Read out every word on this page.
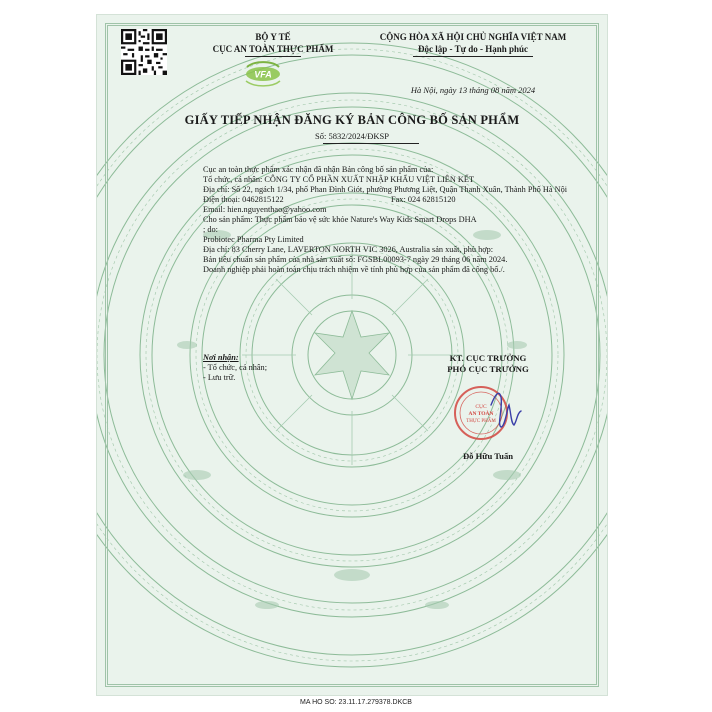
BỘ Y TẾ
CỤC AN TOÀN THỰC PHẨM
VFA
CỘNG HÒA XÃ HỘI CHỦ NGHĨA VIỆT NAM
Độc lập - Tự do - Hạnh phúc
Hà Nội, ngày 13 tháng 08 năm 2024
GIẤY TIẾP NHẬN ĐĂNG KÝ BẢN CÔNG BỐ SẢN PHẨM
Số: 5832/2024/ĐKSP
Cục an toàn thực phẩm xác nhận đã nhận Bản công bố sản phẩm của:
Tổ chức, cá nhân: CÔNG TY CỔ PHẦN XUẤT NHẬP KHẨU VIỆT LIÊN KẾT
Địa chỉ: Số 22, ngách 1/34, phố Phan Đình Giót, phường Phương Liệt, Quận Thanh Xuân, Thành Phố Hà Nội
Điện thoại: 0462815122	Fax: 024 62815120
Email: hien.nguyenthao@yahoo.com
Cho sản phẩm: Thực phẩm bảo vệ sức khỏe Nature's Way Kids Smart Drops DHA
; do:
Probiotec Pharma Pty Limited
Địa chỉ: 83 Cherry Lane, LAVERTON NORTH VIC 3026, Australia sản xuất, phù hợp:
Bản tiêu chuẩn sản phẩm của nhà sản xuất số: FGSBL00093-7 ngày 29 tháng 06 năm 2024.
Doanh nghiệp phải hoàn toàn chịu trách nhiệm về tính phù hợp của sản phẩm đã công bố./.
Nơi nhận:
- Tổ chức, cá nhân;
- Lưu trữ.
KT. CỤC TRƯỞNG
PHÓ CỤC TRƯỞNG
CỤC
AN TOÀN
THỰC PHẨM
Đỗ Hữu Tuấn
MA HO SO: 23.11.17.279378.DKCB
